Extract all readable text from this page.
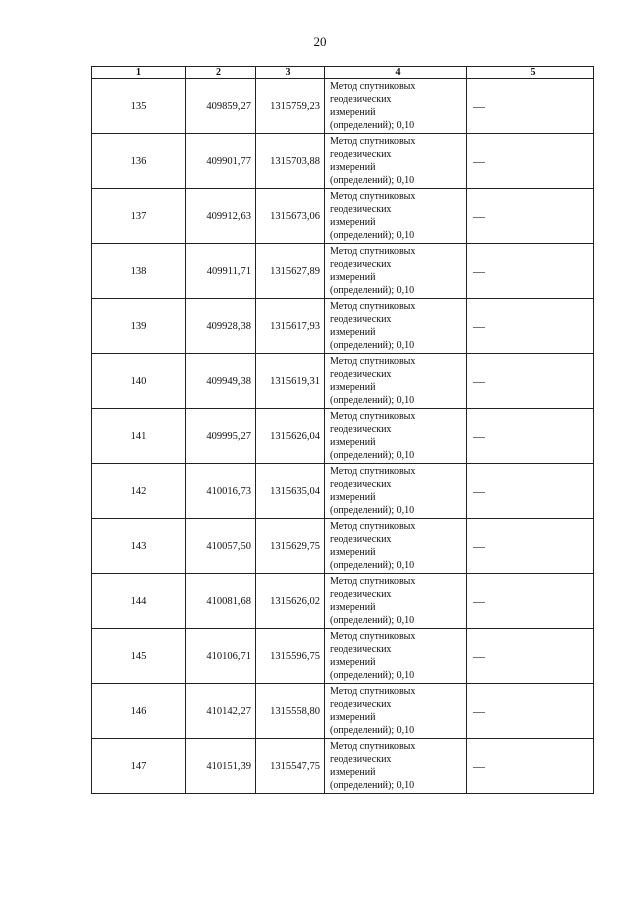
20
1	2	3	4	5
135	409859,27	1315759,23	Метод спутниковых
геодезических
измерений
(определений); 0,10	—
136	409901,77	1315703,88	Метод спутниковых
геодезических
измерений
(определений); 0,10	—
137	409912,63	1315673,06	Метод спутниковых
геодезических
измерений
(определений); 0,10	—
138	409911,71	1315627,89	Метод спутниковых
геодезических
измерений
(определений); 0,10	—
139	409928,38	1315617,93	Метод спутниковых
геодезических
измерений
(определений); 0,10	—
140	409949,38	1315619,31	Метод спутниковых
геодезических
измерений
(определений); 0,10	—
141	409995,27	1315626,04	Метод спутниковых
геодезических
измерений
(определений); 0,10	—
142	410016,73	1315635,04	Метод спутниковых
геодезических
измерений
(определений); 0,10	—
143	410057,50	1315629,75	Метод спутниковых
геодезических
измерений
(определений); 0,10	—
144	410081,68	1315626,02	Метод спутниковых
геодезических
измерений
(определений); 0,10	—
145	410106,71	1315596,75	Метод спутниковых
геодезических
измерений
(определений); 0,10	—
146	410142,27	1315558,80	Метод спутниковых
геодезических
измерений
(определений); 0,10	—
147	410151,39	1315547,75	Метод спутниковых
геодезических
измерений
(определений); 0,10	—
